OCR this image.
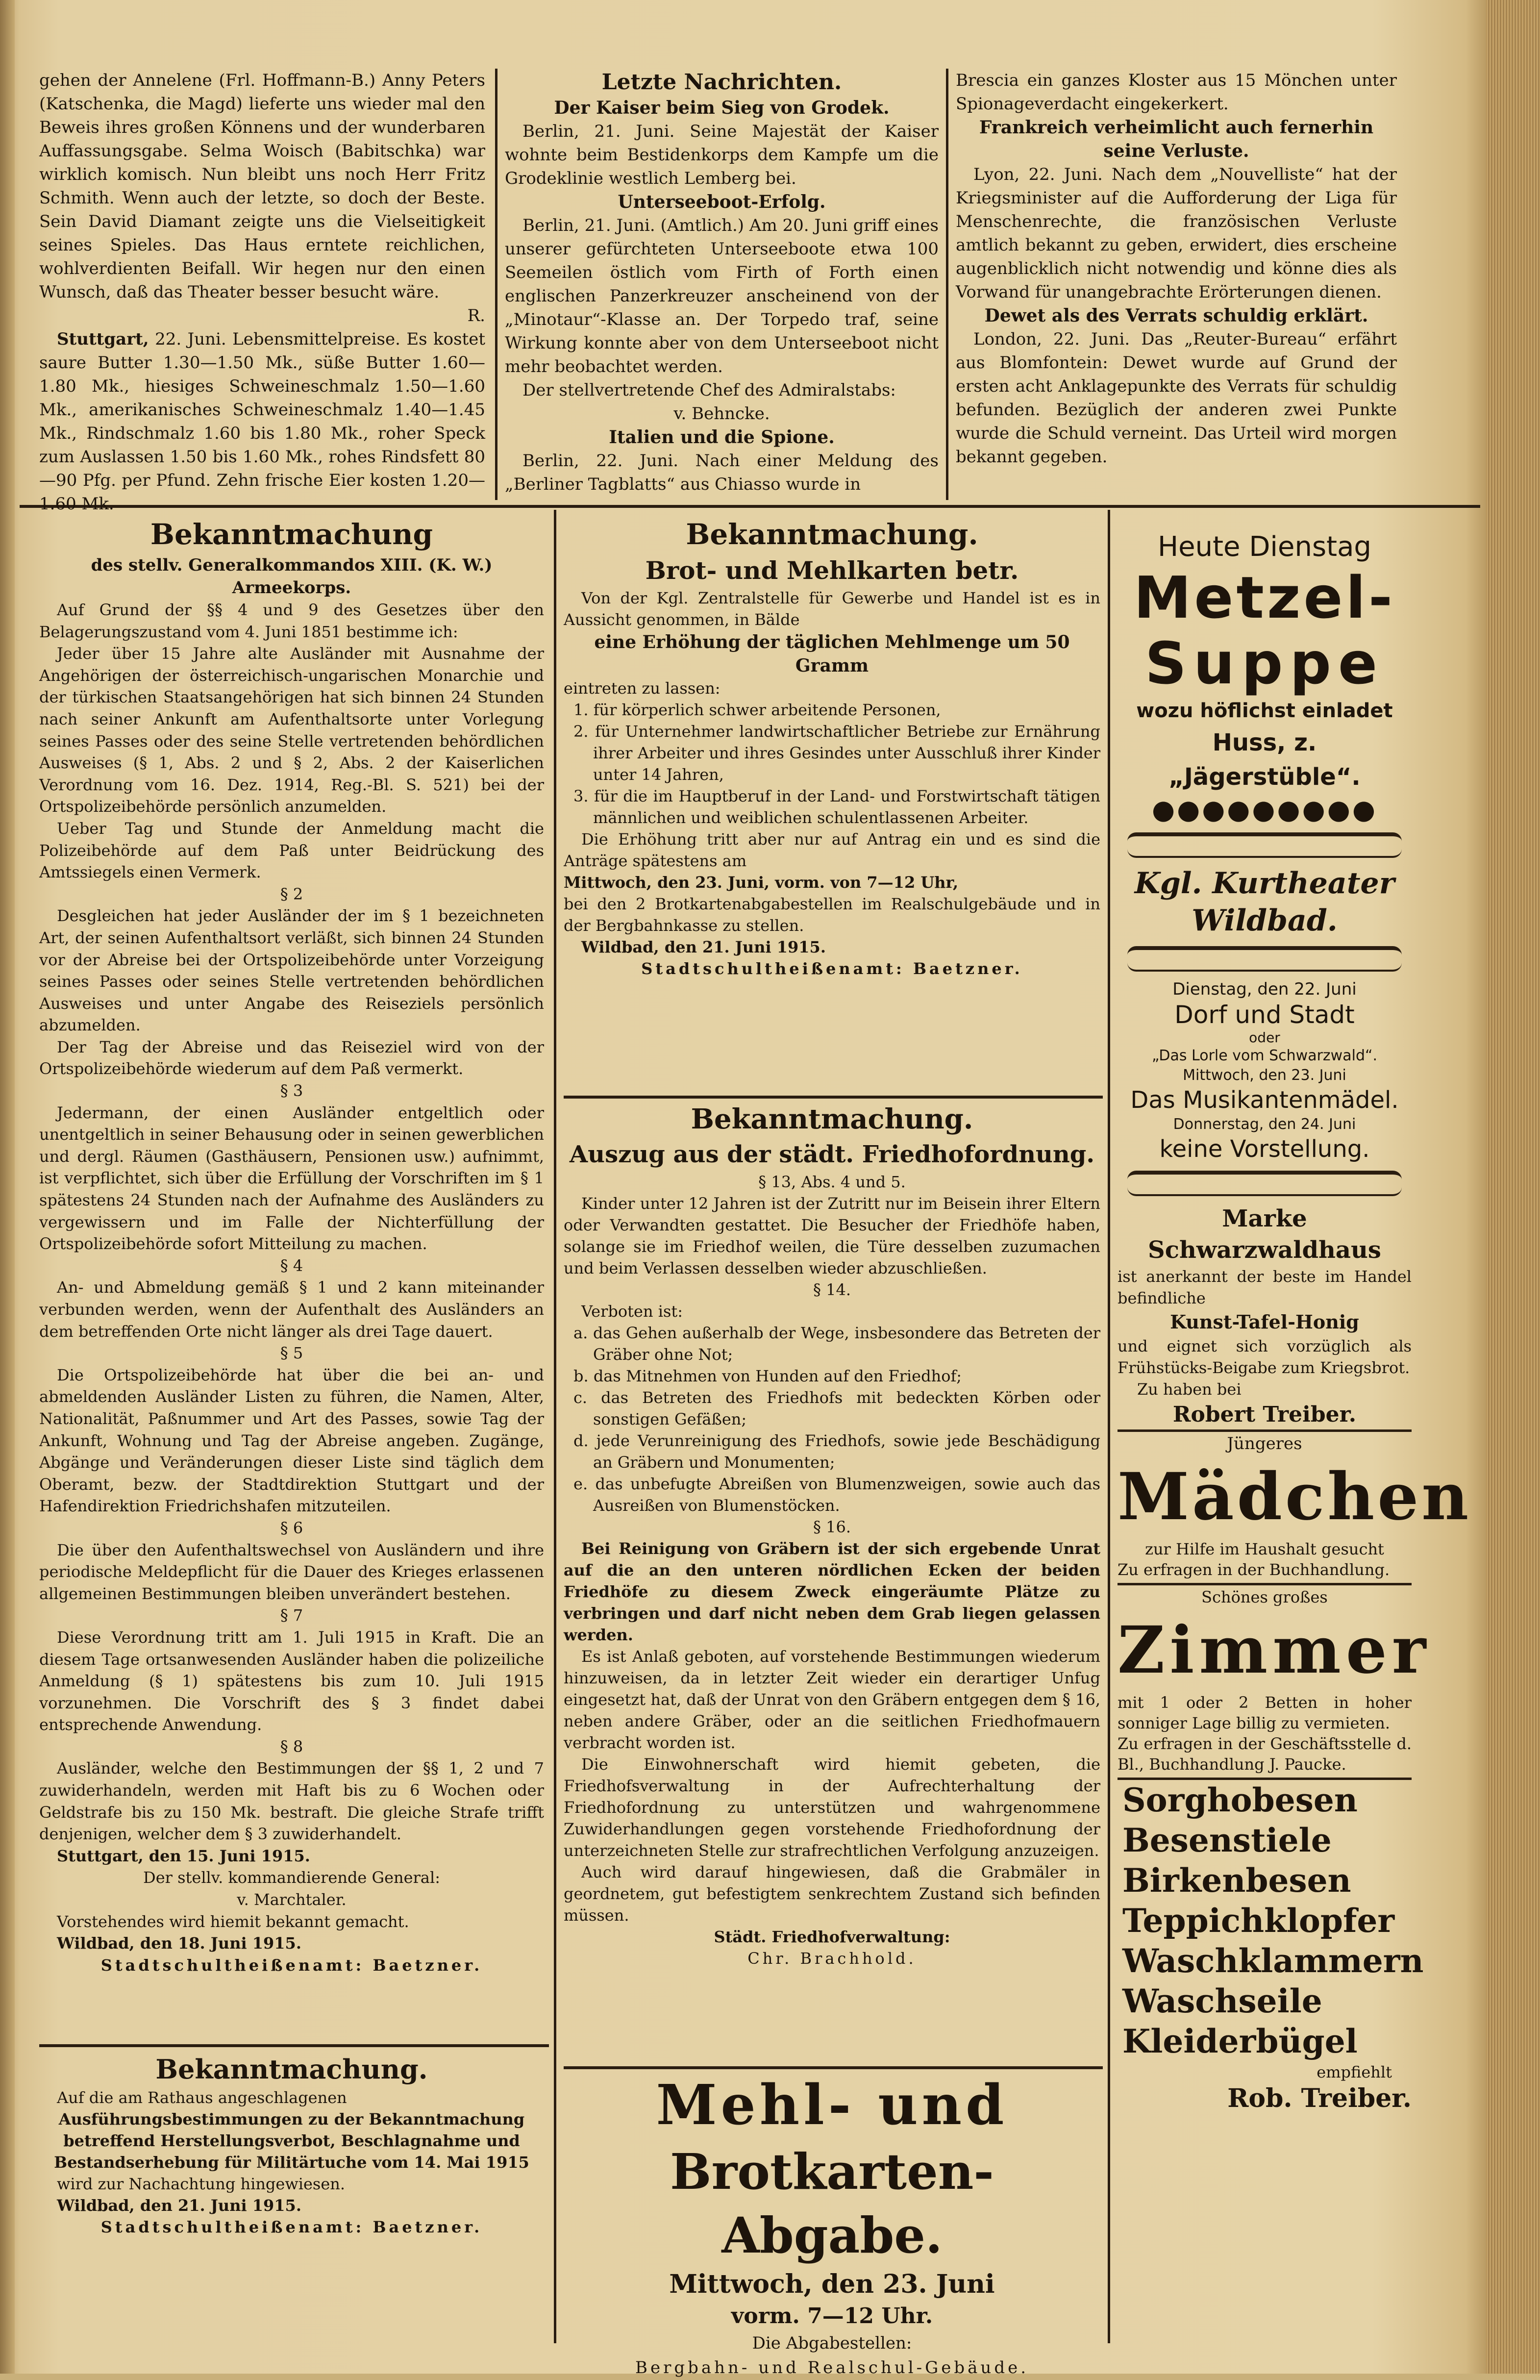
gehen der Annelene (Frl. Hoffmann-B.) Anny Peters (Katschenka, die Magd) lieferte uns wieder mal den Beweis ihres großen Könnens und der wunderbaren Auffassungsgabe. Selma Woisch (Babitschka) war wirklich komisch. Nun bleibt uns noch Herr Fritz Schmith. Wenn auch der letzte, so doch der Beste. Sein David Diamant zeigte uns die Vielseitigkeit seines Spieles. Das Haus erntete reichlichen, wohlverdienten Beifall. Wir hegen nur den einen Wunsch, daß das Theater besser besucht wäre.

R.

Stuttgart, 22. Juni. Lebensmittelpreise. Es kostet saure Butter 1.30—1.50 Mk., süße Butter 1.60—1.80 Mk., hiesiges Schweineschmalz 1.50—1.60 Mk., amerikanisches Schweineschmalz 1.40—1.45 Mk., Rindschmalz 1.60 bis 1.80 Mk., roher Speck zum Auslassen 1.50 bis 1.60 Mk., rohes Rindsfett 80—90 Pfg. per Pfund. Zehn frische Eier kosten 1.20—1.60 Mk.

Letzte Nachrichten.
Der Kaiser beim Sieg von Grodek.

Berlin, 21. Juni. Seine Majestät der Kaiser wohnte beim Bestidenkorps dem Kampfe um die Grodeklinie westlich Lemberg bei.

Unterseeboot-Erfolg.

Berlin, 21. Juni. (Amtlich.) Am 20. Juni griff eines unserer gefürchteten Unterseeboote etwa 100 Seemeilen östlich vom Firth of Forth einen englischen Panzerkreuzer anscheinend von der „Minotaur“-Klasse an. Der Torpedo traf, seine Wirkung konnte aber von dem Unterseeboot nicht mehr beobachtet werden.

Der stellvertretende Chef des Admiralstabs:

v. Behncke.
Italien und die Spione.

Berlin, 22. Juni. Nach einer Meldung des „Berliner Tagblatts“ aus Chiasso wurde in

Brescia ein ganzes Kloster aus 15 Mönchen unter Spionageverdacht eingekerkert.

Frankreich verheimlicht auch fernerhin seine Verluste.

Lyon, 22. Juni. Nach dem „Nouvelliste“ hat der Kriegsminister auf die Aufforderung der Liga für Menschenrechte, die französischen Verluste amtlich bekannt zu geben, erwidert, dies erscheine augenblicklich nicht notwendig und könne dies als Vorwand für unangebrachte Erörterungen dienen.

Dewet als des Verrats schuldig erklärt.

London, 22. Juni. Das „Reuter-Bureau“ erfährt aus Blomfontein: Dewet wurde auf Grund der ersten acht Anklagepunkte des Verrats für schuldig befunden. Bezüglich der anderen zwei Punkte wurde die Schuld verneint. Das Urteil wird morgen bekannt gegeben.

Bekanntmachung
des stellv. Generalkommandos XIII. (K. W.) Armeekorps.

Auf Grund der §§ 4 und 9 des Gesetzes über den Belagerungszustand vom 4. Juni 1851 bestimme ich:

Jeder über 15 Jahre alte Ausländer mit Ausnahme der Angehörigen der österreichisch-ungarischen Monarchie und der türkischen Staatsangehörigen hat sich binnen 24 Stunden nach seiner Ankunft am Aufenthaltsorte unter Vorlegung seines Passes oder des seine Stelle vertretenden behördlichen Ausweises (§ 1, Abs. 2 und § 2, Abs. 2 der Kaiserlichen Verordnung vom 16. Dez. 1914, Reg.-Bl. S. 521) bei der Ortspolizeibehörde persönlich anzumelden.

Ueber Tag und Stunde der Anmeldung macht die Polizeibehörde auf dem Paß unter Beidrückung des Amtssiegels einen Vermerk.

§ 2

Desgleichen hat jeder Ausländer der im § 1 bezeichneten Art, der seinen Aufenthaltsort verläßt, sich binnen 24 Stunden vor der Abreise bei der Ortspolizeibehörde unter Vorzeigung seines Passes oder seines Stelle vertretenden behördlichen Ausweises und unter Angabe des Reiseziels persönlich abzumelden.

Der Tag der Abreise und das Reiseziel wird von der Ortspolizeibehörde wiederum auf dem Paß vermerkt.

§ 3

Jedermann, der einen Ausländer entgeltlich oder unentgeltlich in seiner Behausung oder in seinen gewerblichen und dergl. Räumen (Gasthäusern, Pensionen usw.) aufnimmt, ist verpflichtet, sich über die Erfüllung der Vorschriften im § 1 spätestens 24 Stunden nach der Aufnahme des Ausländers zu vergewissern und im Falle der Nichterfüllung der Ortspolizeibehörde sofort Mitteilung zu machen.

§ 4

An- und Abmeldung gemäß § 1 und 2 kann miteinander verbunden werden, wenn der Aufenthalt des Ausländers an dem betreffenden Orte nicht länger als drei Tage dauert.

§ 5

Die Ortspolizeibehörde hat über die bei an- und abmeldenden Ausländer Listen zu führen, die Namen, Alter, Nationalität, Paßnummer und Art des Passes, sowie Tag der Ankunft, Wohnung und Tag der Abreise angeben. Zugänge, Abgänge und Veränderungen dieser Liste sind täglich dem Oberamt, bezw. der Stadtdirektion Stuttgart und der Hafendirektion Friedrichshafen mitzuteilen.

§ 6

Die über den Aufenthaltswechsel von Ausländern und ihre periodische Meldepflicht für die Dauer des Krieges erlassenen allgemeinen Bestimmungen bleiben unverändert bestehen.

§ 7

Diese Verordnung tritt am 1. Juli 1915 in Kraft. Die an diesem Tage ortsanwesenden Ausländer haben die polizeiliche Anmeldung (§ 1) spätestens bis zum 10. Juli 1915 vorzunehmen. Die Vorschrift des § 3 findet dabei entsprechende Anwendung.

§ 8

Ausländer, welche den Bestimmungen der §§ 1, 2 und 7 zuwiderhandeln, werden mit Haft bis zu 6 Wochen oder Geldstrafe bis zu 150 Mk. bestraft. Die gleiche Strafe trifft denjenigen, welcher dem § 3 zuwiderhandelt.

Stuttgart, den 15. Juni 1915.

Der stellv. kommandierende General:
v. Marchtaler.

Vorstehendes wird hiemit bekannt gemacht.

Wildbad, den 18. Juni 1915.

Stadtschultheißenamt: Baetzner.
Bekanntmachung.

Auf die am Rathaus angeschlagenen

Ausführungsbestimmungen zu der Bekanntmachung betreffend Herstellungsverbot, Beschlagnahme und Bestandserhebung für Militärtuche vom 14. Mai 1915

wird zur Nachachtung hingewiesen.

Wildbad, den 21. Juni 1915.

Stadtschultheißenamt: Baetzner.
Bekanntmachung.
Brot- und Mehlkarten betr.

Von der Kgl. Zentralstelle für Gewerbe und Handel ist es in Aussicht genommen, in Bälde

eine Erhöhung der täglichen Mehlmenge um 50 Gramm

eintreten zu lassen:

1. für körperlich schwer arbeitende Personen,
2. für Unternehmer landwirtschaftlicher Betriebe zur Ernährung ihrer Arbeiter und ihres Gesindes unter Ausschluß ihrer Kinder unter 14 Jahren,
3. für die im Hauptberuf in der Land- und Forstwirtschaft tätigen männlichen und weiblichen schulentlassenen Arbeiter.

Die Erhöhung tritt aber nur auf Antrag ein und es sind die Anträge spätestens am

Mittwoch, den 23. Juni, vorm. von 7—12 Uhr,

bei den 2 Brotkartenabgabestellen im Realschulgebäude und in der Bergbahnkasse zu stellen.

Wildbad, den 21. Juni 1915.

Stadtschultheißenamt: Baetzner.
Bekanntmachung.
Auszug aus der städt. Friedhofordnung.
§ 13, Abs. 4 und 5.

Kinder unter 12 Jahren ist der Zutritt nur im Beisein ihrer Eltern oder Verwandten gestattet. Die Besucher der Friedhöfe haben, solange sie im Friedhof weilen, die Türe desselben zuzumachen und beim Verlassen desselben wieder abzuschließen.

§ 14.

Verboten ist:

a. das Gehen außerhalb der Wege, insbesondere das Betreten der Gräber ohne Not;
b. das Mitnehmen von Hunden auf den Friedhof;
c. das Betreten des Friedhofs mit bedeckten Körben oder sonstigen Gefäßen;
d. jede Verunreinigung des Friedhofs, sowie jede Beschädigung an Gräbern und Monumenten;
e. das unbefugte Abreißen von Blumenzweigen, sowie auch das Ausreißen von Blumenstöcken.
§ 16.

Bei Reinigung von Gräbern ist der sich ergebende Unrat auf die an den unteren nördlichen Ecken der beiden Friedhöfe zu diesem Zweck eingeräumte Plätze zu verbringen und darf nicht neben dem Grab liegen gelassen werden.

Es ist Anlaß geboten, auf vorstehende Bestimmungen wiederum hinzuweisen, da in letzter Zeit wieder ein derartiger Unfug eingesetzt hat, daß der Unrat von den Gräbern entgegen dem § 16, neben andere Gräber, oder an die seitlichen Friedhofmauern verbracht worden ist.

Die Einwohnerschaft wird hiemit gebeten, die Friedhofsverwaltung in der Aufrechterhaltung der Friedhofordnung zu unterstützen und wahrgenommene Zuwiderhandlungen gegen vorstehende Friedhofordnung der unterzeichneten Stelle zur strafrechtlichen Verfolgung anzuzeigen.

Auch wird darauf hingewiesen, daß die Grabmäler in geordnetem, gut befestigtem senkrechtem Zustand sich befinden müssen.

Städt. Friedhofverwaltung:
Chr. Brachhold.
Mehl- und
Brotkarten-Abgabe.
Mittwoch, den 23. Juni
vorm. 7—12 Uhr.
Die Abgabestellen:
Bergbahn- und Realschul-Gebäude.
Heute Dienstag
Metzel-
Suppe
wozu höflichst einladet
Huss, z. „Jägerstüble“.
●●●●●●●●●
Kgl. Kurtheater
Wildbad.
Dienstag, den 22. Juni
Dorf und Stadt
oder
„Das Lorle vom Schwarzwald“.
Mittwoch, den 23. Juni
Das Musikantenmädel.
Donnerstag, den 24. Juni
keine Vorstellung.
Marke Schwarzwaldhaus
ist anerkannt der beste im Handel befindliche
Kunst-Tafel-Honig
und eignet sich vorzüglich als Frühstücks-Beigabe zum Kriegsbrot.
Zu haben bei
Robert Treiber.
Jüngeres
Mädchen
zur Hilfe im Haushalt gesucht
Zu erfragen in der Buchhandlung.
Schönes großes
Zimmer
mit 1 oder 2 Betten in hoher sonniger Lage billig zu vermieten.
Zu erfragen in der Geschäftsstelle d. Bl., Buchhandlung J. Paucke.
Sorghobesen
Besenstiele
Birkenbesen
Teppichklopfer
Waschklammern
Waschseile
Kleiderbügel
empfiehlt
Rob. Treiber.
